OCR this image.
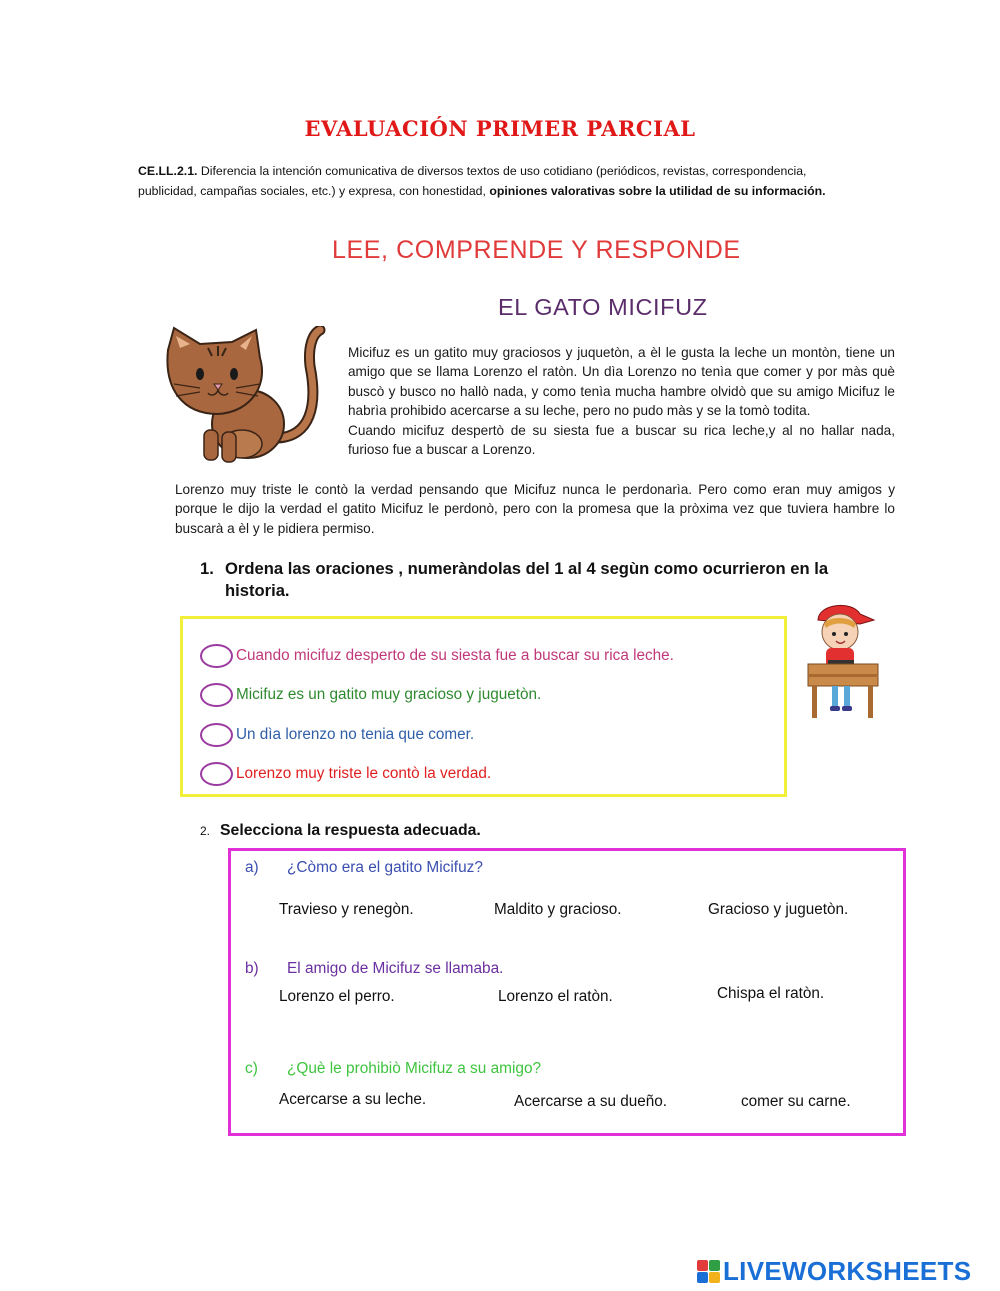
EVALUACIÓN PRIMER PARCIAL
CE.LL.2.1. Diferencia la intención comunicativa de diversos textos de uso cotidiano (periódicos, revistas, correspondencia, publicidad, campañas sociales, etc.) y expresa, con honestidad, opiniones valorativas sobre la utilidad de su información.
LEE, COMPRENDE Y RESPONDE
EL GATO MICIFUZ
Micifuz es un gatito muy graciosos y juquetòn, a èl le gusta la leche un montòn, tiene un amigo que se llama Lorenzo el ratòn. Un dìa Lorenzo no tenìa que comer y por màs què buscò y busco no hallò nada, y como tenìa mucha hambre olvidò que su amigo Micifuz le habrìa prohibido acercarse a su leche, pero no pudo màs y se la tomò todita.
Cuando micifuz despertò de su siesta fue a buscar su rica leche,y al no hallar nada, furioso fue a buscar a Lorenzo.
Lorenzo muy triste le contò la verdad pensando que Micifuz nunca le perdonarìa. Pero como eran muy amigos y porque le dijo la verdad el gatito Micifuz le perdonò, pero con la promesa que la pròxima vez que tuviera hambre lo buscarà a èl y le pidiera permiso.
1. Ordena las oraciones , numeràndolas del 1 al 4 segùn como ocurrieron en la historia.
Cuando micifuz desperto de su siesta fue a buscar su rica leche.
Micifuz es un gatito muy gracioso y juguetòn.
Un dìa lorenzo no tenia que comer.
Lorenzo muy triste le contò la verdad.
2. Selecciona la respuesta adecuada.
a) ¿Còmo era el gatito Micifuz?
Travieso y renegòn.	Maldito y gracioso.	Gracioso y juguetòn.
b) El amigo de Micifuz se llamaba.
Lorenzo el perro.	Lorenzo el ratòn.	Chispa el ratòn.
c) ¿Què le prohibiò Micifuz a su amigo?
Acercarse a su leche.	Acercarse a su dueño.	comer su carne.
LIVEWORKSHEETS
